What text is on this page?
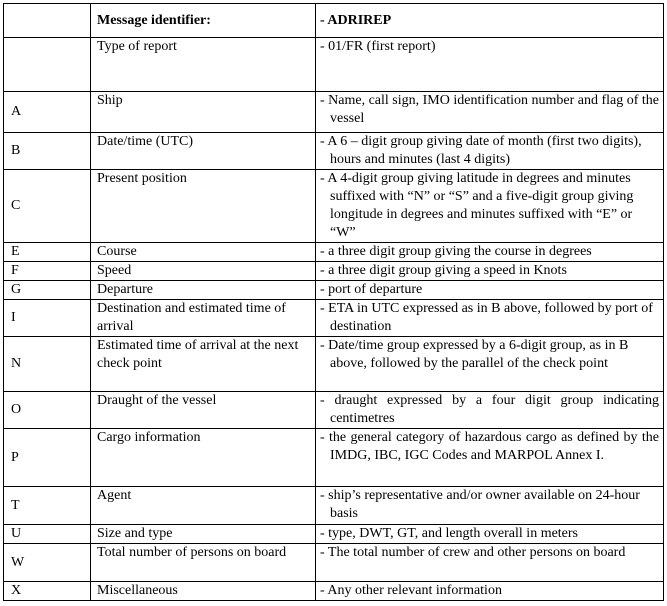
	Message identifier:	- ADRIREP
	Type of report	- 01/FR (first report)

A	Ship	- Name, call sign, IMO identification number and flag of the vessel

B	Date/time (UTC)	- A 6 – digit group giving date of month (first two digits), hours and minutes (last 4 digits)

C	Present position	- A 4-digit group giving latitude in degrees and minutes suffixed with “N” or “S” and a five-digit group giving longitude in degrees and minutes suffixed with “E” or “W”

E	Course	- a three digit group giving the course in degrees

F	Speed	- a three digit group giving a speed in Knots

G	Departure	- port of departure

I	Destination and estimated time of arrival	- ETA in UTC expressed as in B above, followed by port of destination

N	Estimated time of arrival at the next check point	- Date/time group expressed by a 6-digit group, as in B above, followed by the parallel of the check point

O	Draught of the vessel	- draught expressed by a four digit group indicating centimetres

P	Cargo information	- the general category of hazardous cargo as defined by the IMDG, IBC, IGC Codes and MARPOL Annex I.

T	Agent	- ship’s representative and/or owner available on 24-hour basis

U	Size and type	- type, DWT, GT, and length overall in meters

W	Total number of persons on board	- The total number of crew and other persons on board

X	Miscellaneous	- Any other relevant information
